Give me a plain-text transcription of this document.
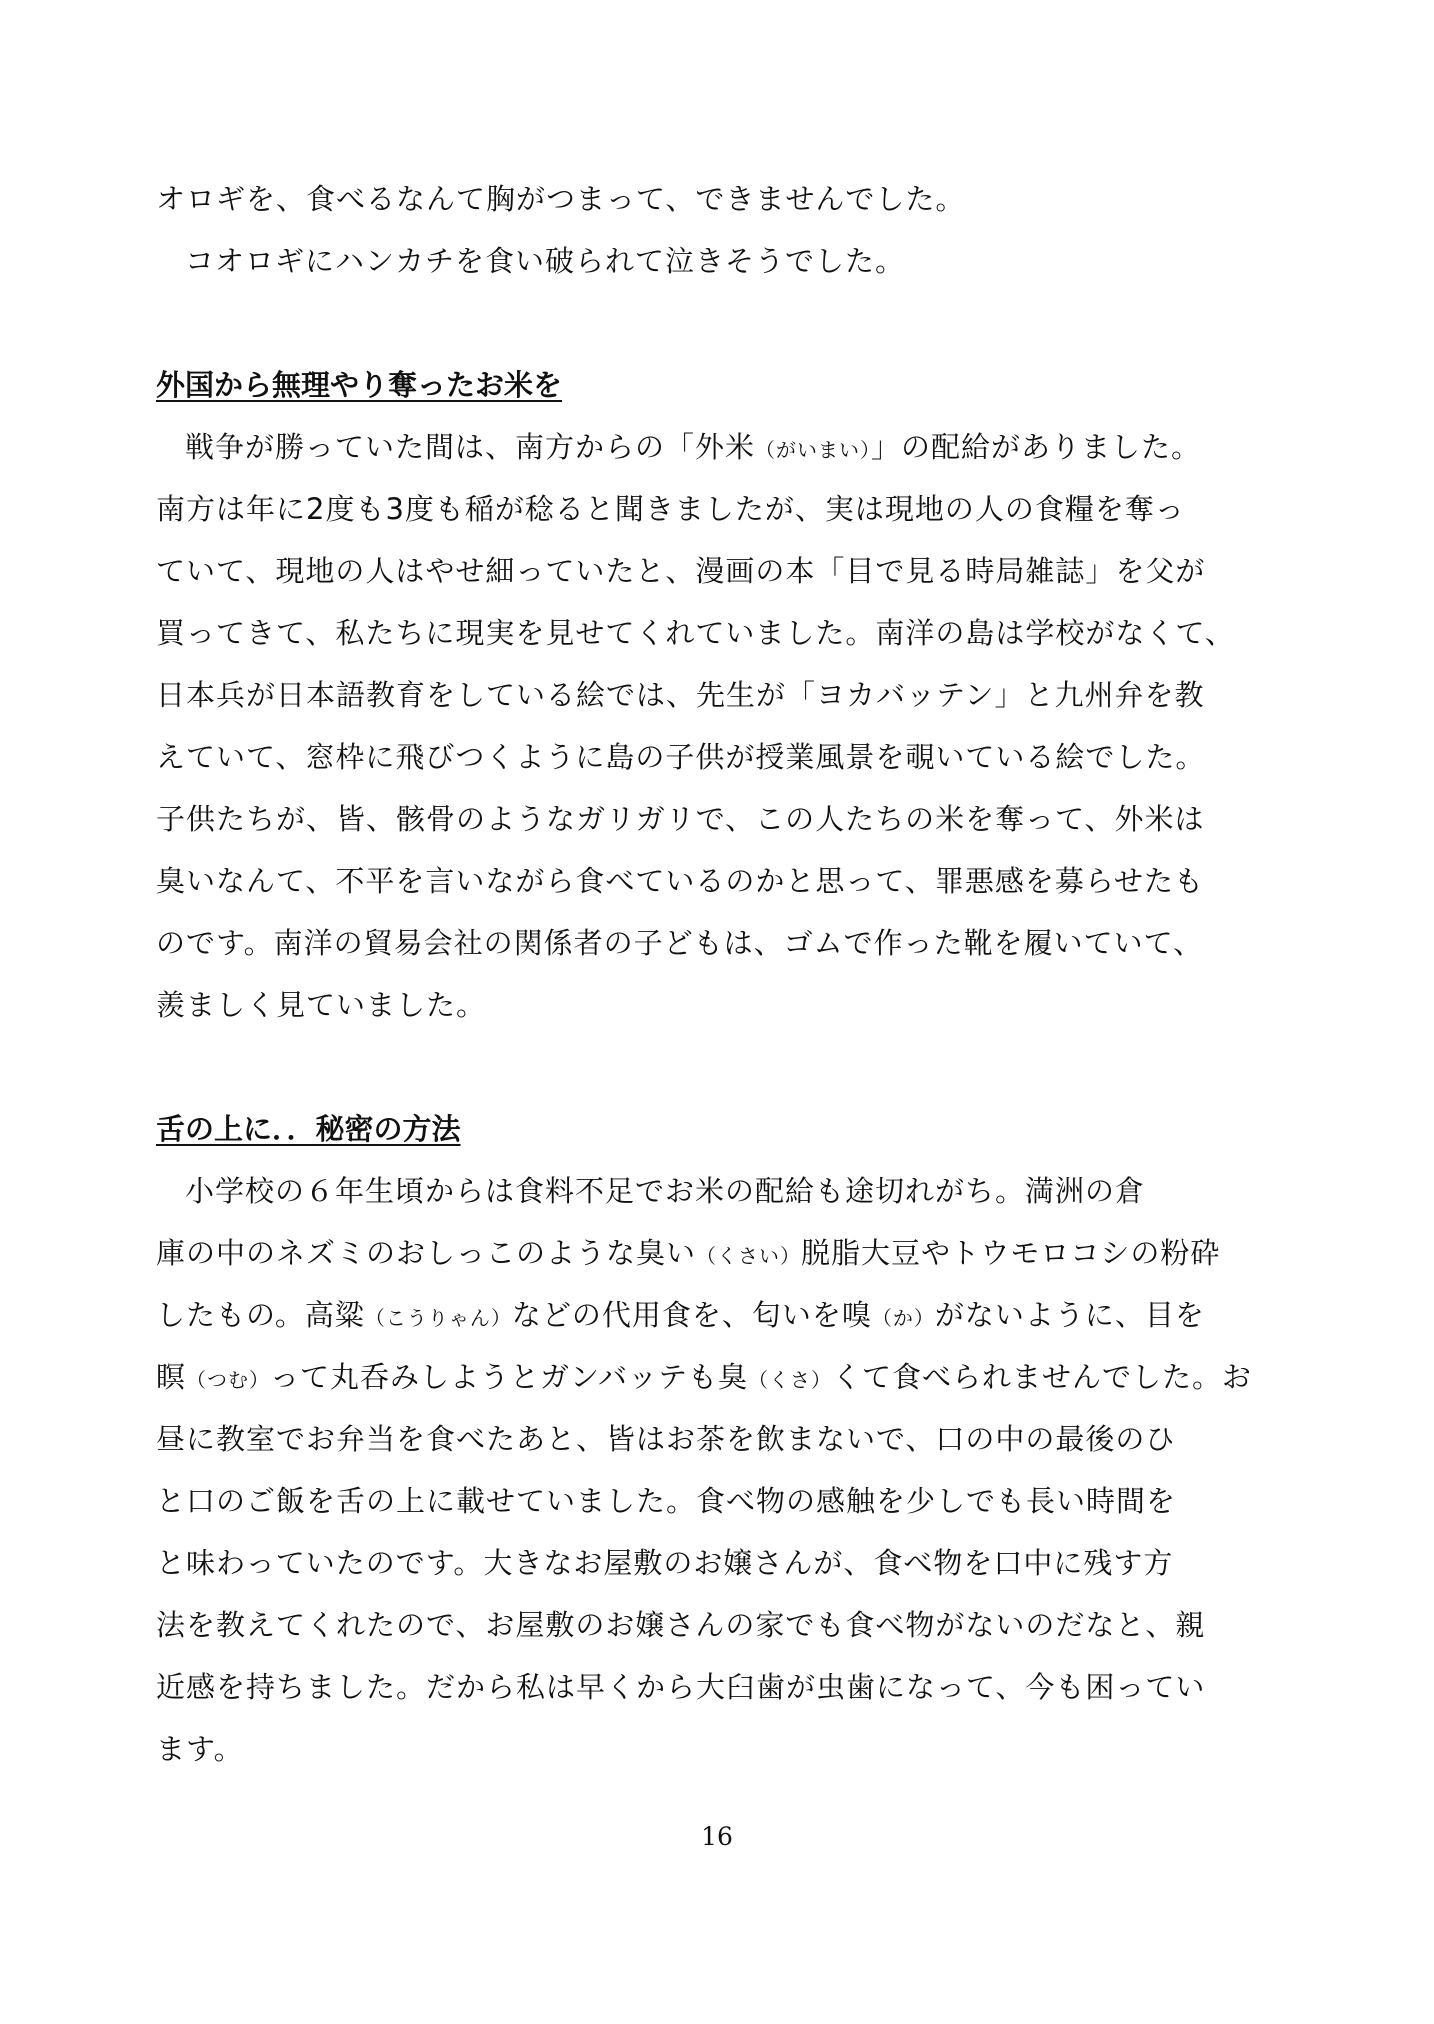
オロギを、食べるなんて胸がつまって、できませんでした。
コオロギにハンカチを食い破られて泣きそうでした。
外国から無理やり奪ったお米を
戦争が勝っていた間は、南方からの「外米（がいまい）」の配給がありました。
南方は年に2度も3度も稲が稔ると聞きましたが、実は現地の人の食糧を奪っ
ていて、現地の人はやせ細っていたと、漫画の本「目で見る時局雑誌」を父が
買ってきて、私たちに現実を見せてくれていました。南洋の島は学校がなくて、
日本兵が日本語教育をしている絵では、先生が「ヨカバッテン」と九州弁を教
えていて、窓枠に飛びつくように島の子供が授業風景を覗いている絵でした。
子供たちが、皆、骸骨のようなガリガリで、この人たちの米を奪って、外米は
臭いなんて、不平を言いながら食べているのかと思って、罪悪感を募らせたも
のです。南洋の貿易会社の関係者の子どもは、ゴムで作った靴を履いていて、
羨ましく見ていました。
舌の上に．．秘密の方法
小学校の６年生頃からは食料不足でお米の配給も途切れがち。満洲の倉
庫の中のネズミのおしっこのような臭い（くさい）脱脂大豆やトウモロコシの粉砕
したもの。高粱（こうりゃん）などの代用食を、匂いを嗅（か）がないように、目を
瞑（つむ）って丸呑みしようとガンバッテも臭（くさ）くて食べられませんでした。お
昼に教室でお弁当を食べたあと、皆はお茶を飲まないで、口の中の最後のひ
と口のご飯を舌の上に載せていました。食べ物の感触を少しでも長い時間を
と味わっていたのです。大きなお屋敷のお嬢さんが、食べ物を口中に残す方
法を教えてくれたので、お屋敷のお嬢さんの家でも食べ物がないのだなと、親
近感を持ちました。だから私は早くから大臼歯が虫歯になって、今も困ってい
ます。
16
